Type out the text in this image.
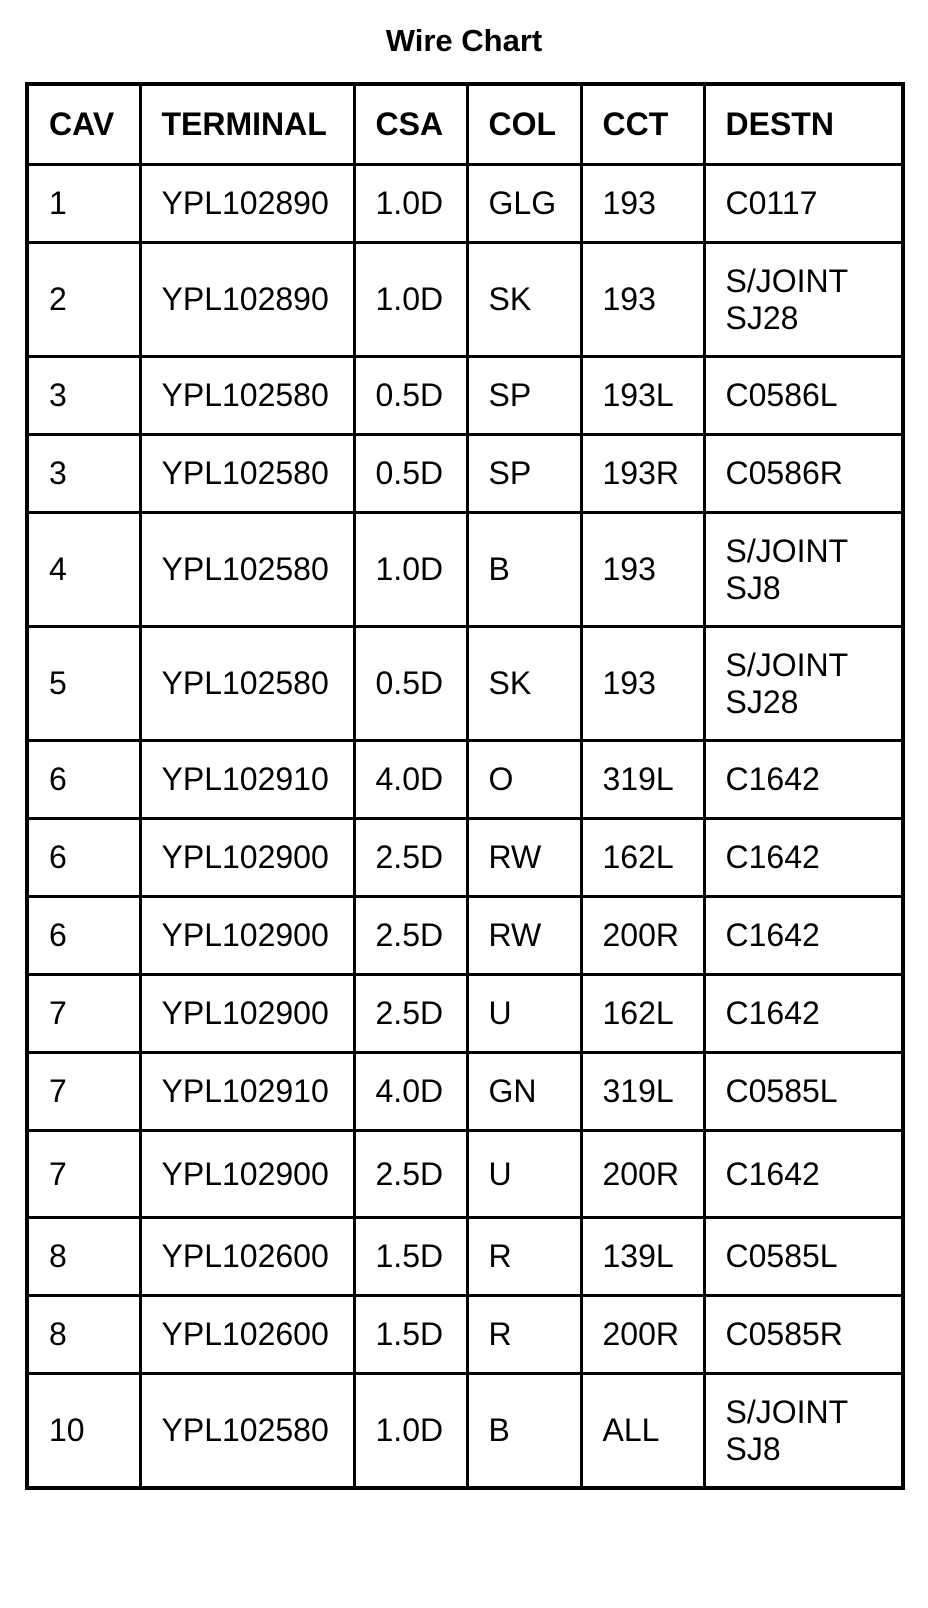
Wire Chart
CAV	TERMINAL	CSA	COL	CCT	DESTN
1	YPL102890	1.0D	GLG	193	C0117

2	YPL102890	1.0D	SK	193	S/JOINT
SJ28

3	YPL102580	0.5D	SP	193L	C0586L

3	YPL102580	0.5D	SP	193R	C0586R

4	YPL102580	1.0D	B	193	S/JOINT
SJ8

5	YPL102580	0.5D	SK	193	S/JOINT
SJ28

6	YPL102910	4.0D	O	319L	C1642

6	YPL102900	2.5D	RW	162L	C1642

6	YPL102900	2.5D	RW	200R	C1642

7	YPL102900	2.5D	U	162L	C1642

7	YPL102910	4.0D	GN	319L	C0585L

7	YPL102900	2.5D	U	200R	C1642

8	YPL102600	1.5D	R	139L	C0585L

8	YPL102600	1.5D	R	200R	C0585R

10	YPL102580	1.0D	B	ALL	S/JOINT
SJ8
